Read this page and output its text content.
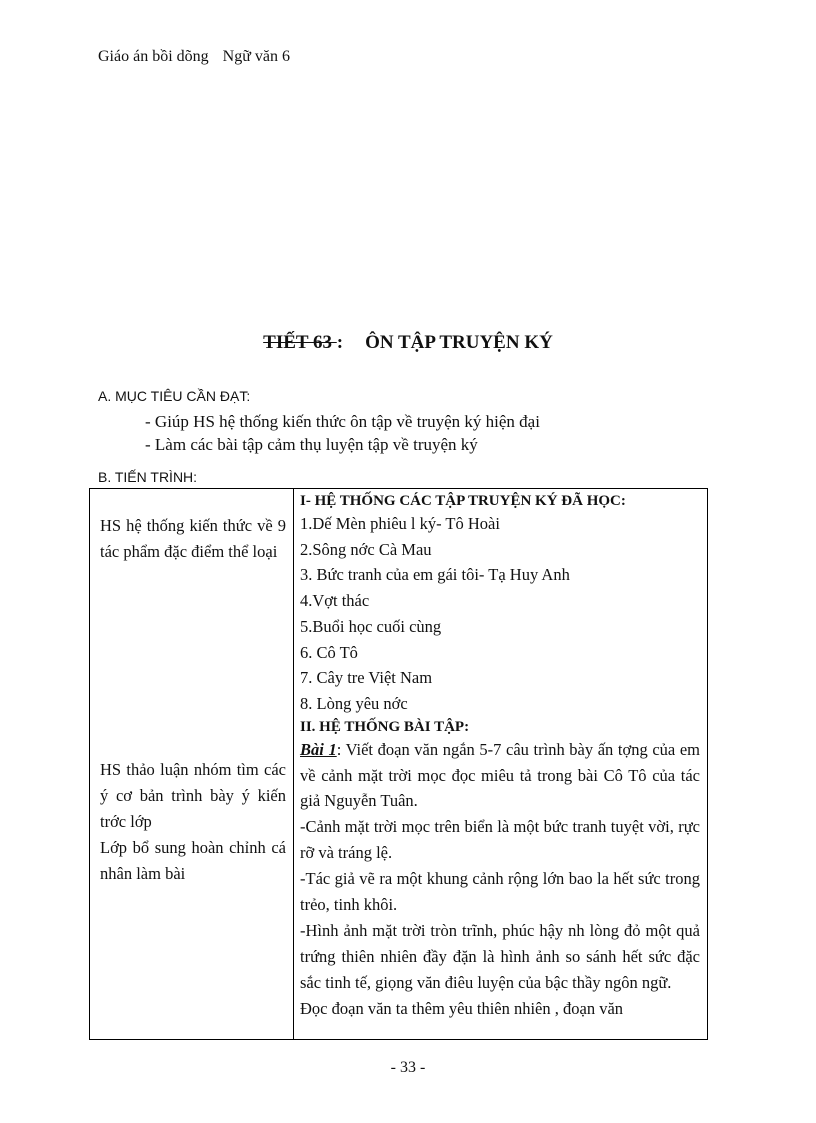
Giáo án bồi dõng Ngữ văn 6
TIẾT 63 : ÔN TẬP TRUYỆN KÝ
A. MỤC TIÊU CẦN ĐẠT:
- Giúp HS hệ thống kiến thức ôn tập về truyện ký hiện đại
- Làm các bài tập cảm thụ luyện tập về truyện ký
B. TIẾN TRÌNH:
HS hệ thống kiến thức về 9 tác phẩm đặc điểm thể loại
HS thảo luận nhóm tìm các ý cơ bản trình bày ý kiến trớc lớp
Lớp bổ sung hoàn chỉnh cá nhân làm bài
I- HỆ THỐNG CÁC TẬP TRUYỆN KÝ ĐÃ HỌC:
1.Dế Mèn phiêu l ký- Tô Hoài
2.Sông nớc Cà Mau
3. Bức tranh của em gái tôi- Tạ Huy Anh
4.Vợt thác
5.Buổi học cuối cùng
6. Cô Tô
7. Cây tre Việt Nam
8. Lòng yêu nớc
II. HỆ THỐNG BÀI TẬP:
Bài 1: Viết đoạn văn ngắn 5-7 câu trình bày ấn tợng của em về cảnh mặt trời mọc đọc miêu tả trong bài Cô Tô của tác giả Nguyễn Tuân.
-Cảnh mặt trời mọc trên biển là một bức tranh tuyệt vời, rực rỡ và tráng lệ.
-Tác giả vẽ ra một khung cảnh rộng lớn bao la hết sức trong trẻo, tinh khôi.
-Hình ảnh mặt trời tròn trĩnh, phúc hậy nh lòng đỏ một quả trứng thiên nhiên đầy đặn là hình ảnh so sánh hết sức đặc sắc tinh tế, giọng văn điêu luyện của bậc thầy ngôn ngữ.
Đọc đoạn văn ta thêm yêu thiên nhiên , đoạn văn
- 33 -
